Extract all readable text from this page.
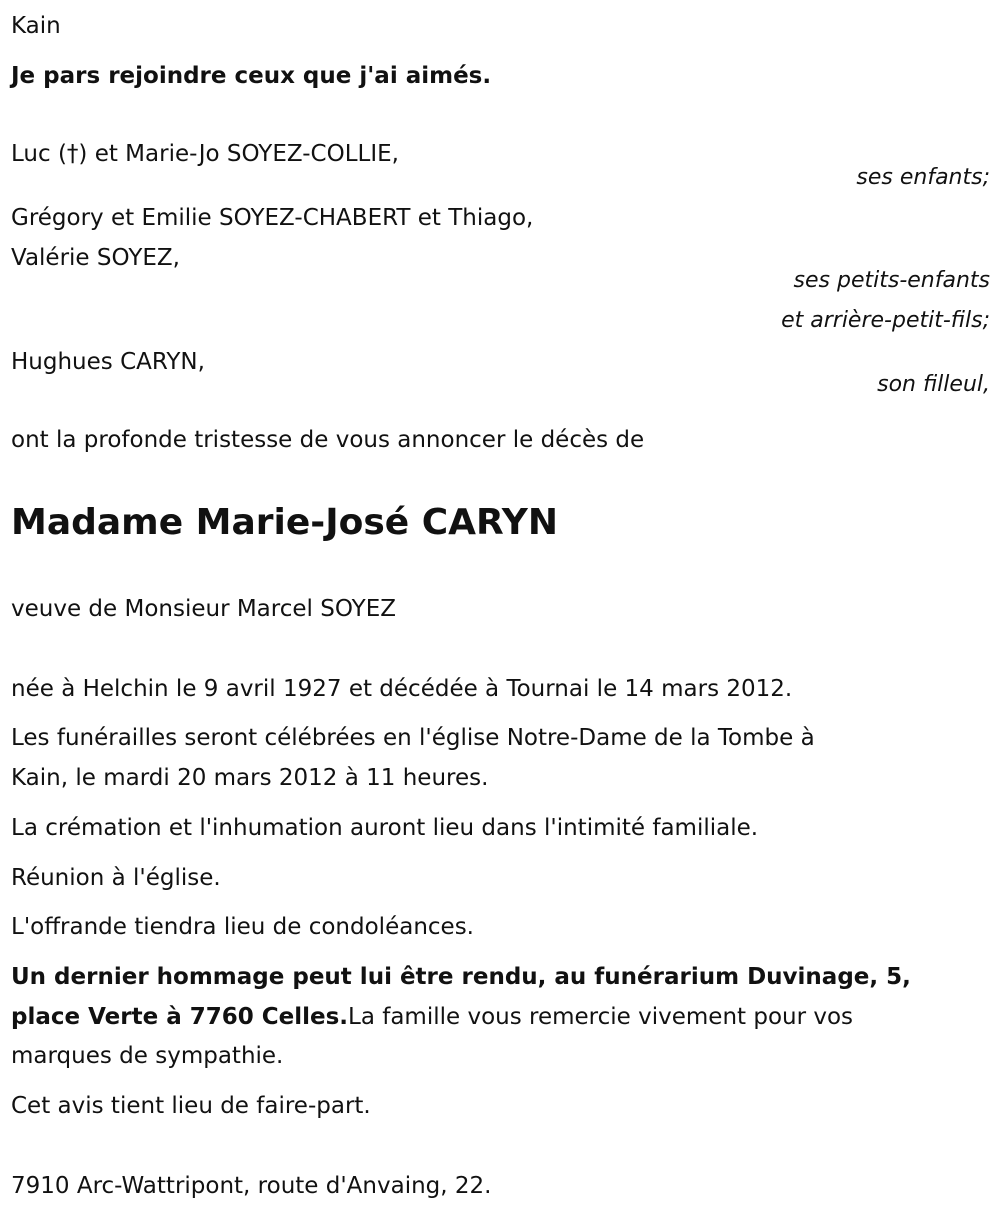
Kain
Je pars rejoindre ceux que j'ai aimés.
Luc (†) et Marie-Jo SOYEZ-COLLIE,
ses enfants;
Grégory et Emilie SOYEZ-CHABERT et Thiago,
Valérie SOYEZ,
ses petits-enfants
et arrière-petit-fils;
Hughues CARYN,
son filleul,
ont la profonde tristesse de vous annoncer le décès de
Madame Marie-José CARYN
veuve de Monsieur Marcel SOYEZ
née à Helchin le 9 avril 1927 et décédée à Tournai le 14 mars 2012.
Les funérailles seront célébrées en l'église Notre-Dame de la Tombe à
Kain, le mardi 20 mars 2012 à 11 heures.
La crémation et l'inhumation auront lieu dans l'intimité familiale.
Réunion à l'église.
L'offrande tiendra lieu de condoléances.
Un dernier hommage peut lui être rendu, au funérarium Duvinage, 5,
place Verte à 7760 Celles.La famille vous remercie vivement pour vos
marques de sympathie.
Cet avis tient lieu de faire-part.
7910 Arc-Wattripont, route d'Anvaing, 22.
